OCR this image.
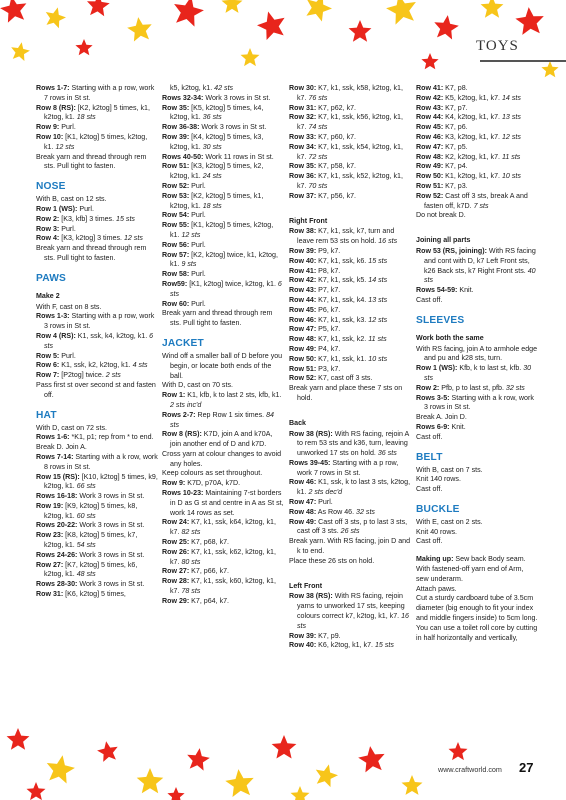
TOYS
Rows 1-7: Starting with a p row, work 7 rows in St st.
Row 8 (RS): [K2, k2tog] 5 times, k1, k2tog, k1. 18 sts
Row 9: Purl.
Row 10: [K1, k2tog] 5 times, k2tog, k1. 12 sts
Break yarn and thread through rem sts. Pull tight to fasten.
NOSE
With B, cast on 12 sts.
Row 1 (WS): Purl.
Row 2: [K3, kfb] 3 times. 15 sts
Row 3: Purl.
Row 4: [K3, k2tog] 3 times. 12 sts
Break yarn and thread through rem sts. Pull tight to fasten.
PAWS
Make 2
With F, cast on 8 sts.
Rows 1-3: Starting with a p row, work 3 rows in St st.
Row 4 (RS): K1, ssk, k4, k2tog, k1. 6 sts
Row 5: Purl.
Row 6: K1, ssk, k2, k2tog, k1. 4 sts
Row 7: [P2tog] twice. 2 sts
Pass first st over second st and fasten off.
HAT
With D, cast on 72 sts.
Rows 1-6: *K1, p1; rep from * to end.
Break D. Join A.
Rows 7-14: Starting with a k row, work 8 rows in St st.
Row 15 (RS): [K10, k2tog] 5 times, k9, k2tog, k1. 66 sts
Rows 16-18: Work 3 rows in St st.
Row 19: [K9, k2tog] 5 times, k8, k2tog, k1. 60 sts
Rows 20-22: Work 3 rows in St st.
Row 23: [K8, k2tog] 5 times, k7, k2tog, k1. 54 sts
Rows 24-26: Work 3 rows in St st.
Row 27: [K7, k2tog] 5 times, k6, k2tog, k1. 48 sts
Rows 28-30: Work 3 rows in St st.
Row 31: [K6, k2tog] 5 times,
k5, k2tog, k1. 42 sts
Rows 32-34: Work 3 rows in St st.
Row 35: [K5, k2tog] 5 times, k4, k2tog, k1. 36 sts
Row 36-38: Work 3 rows in St st.
Row 39: [K4, k2tog] 5 times, k3, k2tog, k1. 30 sts
Rows 40-50: Work 11 rows in St st.
Row 51: [K3, k2tog] 5 times, k2, k2tog, k1. 24 sts
Row 52: Purl.
Row 53: [K2, k2tog] 5 times, k1, k2tog, k1. 18 sts
Row 54: Purl.
Row 55: [K1, k2tog] 5 times, k2tog, k1. 12 sts
Row 56: Purl.
Row 57: [K2, k2tog] twice, k1, k2tog, k1. 9 sts
Row 58: Purl.
Row59: [K1, k2tog] twice, k2tog, k1. 6 sts
Row 60: Purl.
Break yarn and thread through rem sts. Pull tight to fasten.
JACKET
Wind off a smaller ball of D before you begin, or locate both ends of the ball.
With D, cast on 70 sts.
Row 1: K1, kfb, k to last 2 sts, kfb, k1. 2 sts inc'd
Rows 2-7: Rep Row 1 six times. 84 sts
Row 8 (RS): K7D, join A and k70A, join another end of D and k7D.
Cross yarn at colour changes to avoid any holes.
Keep colours as set throughout.
Row 9: K7D, p70A, k7D.
Rows 10-23: Maintaining 7-st borders in D as G st and centre in A as St st, work 14 rows as set.
Row 24: K7, k1, ssk, k64, k2tog, k1, k7. 82 sts
Row 25: K7, p68, k7.
Row 26: K7, k1, ssk, k62, k2tog, k1, k7. 80 sts
Row 27: K7, p66, k7.
Row 28: K7, k1, ssk, k60, k2tog, k1, k7. 78 sts
Row 29: K7, p64, k7.
Row 30: K7, k1, ssk, k58, k2tog, k1, k7. 76 sts
Row 31: K7, p62, k7.
Row 32: K7, k1, ssk, k56, k2tog, k1, k7. 74 sts
Row 33: K7, p60, k7.
Row 34: K7, k1, ssk, k54, k2tog, k1, k7. 72 sts
Row 35: K7, p58, k7.
Row 36: K7, k1, ssk, k52, k2tog, k1, k7. 70 sts
Row 37: K7, p56, k7.
Right Front
Row 38: K7, k1, ssk, k7, turn and leave rem 53 sts on hold. 16 sts
Row 39: P9, k7.
Row 40: K7, k1, ssk, k6. 15 sts
Row 41: P8, k7.
Row 42: K7, k1, ssk, k5. 14 sts
Row 43: P7, k7.
Row 44: K7, k1, ssk, k4. 13 sts
Row 45: P6, k7.
Row 46: K7, k1, ssk, k3. 12 sts
Row 47: P5, k7.
Row 48: K7, k1, ssk, k2. 11 sts
Row 49: P4, k7.
Row 50: K7, k1, ssk, k1. 10 sts
Row 51: P3, k7.
Row 52: K7, cast off 3 sts.
Break yarn and place these 7 sts on hold.
Back
Row 38 (RS): With RS facing, rejoin A to rem 53 sts and k36, turn, leaving unworked 17 sts on hold. 36 sts
Rows 39-45: Starting with a p row, work 7 rows in St st.
Row 46: K1, ssk, k to last 3 sts, k2tog, k1. 2 sts dec'd
Row 47: Purl.
Row 48: As Row 46. 32 sts
Row 49: Cast off 3 sts, p to last 3 sts, cast off 3 sts. 26 sts
Break yarn. With RS facing, join D and k to end.
Place these 26 sts on hold.
Left Front
Row 38 (RS): With RS facing, rejoin yarns to unworked 17 sts, keeping colours correct k7, k2tog, k1, k7. 16 sts
Row 39: K7, p9.
Row 40: K6, k2tog, k1, k7. 15 sts
Row 41: K7, p8.
Row 42: K5, k2tog, k1, k7. 14 sts
Row 43: K7, p7.
Row 44: K4, k2tog, k1, k7. 13 sts
Row 45: K7, p6.
Row 46: K3, k2tog, k1, k7. 12 sts
Row 47: K7, p5.
Row 48: K2, k2tog, k1, k7. 11 sts
Row 49: K7, p4.
Row 50: K1, k2tog, k1, k7. 10 sts
Row 51: K7, p3.
Row 52: Cast off 3 sts, break A and fasten off, k7D. 7 sts
Do not break D.
Joining all parts
Row 53 (RS, joining): With RS facing and cont with D, k7 Left Front sts, k26 Back sts, k7 Right Front sts. 40 sts
Rows 54-59: Knit.
Cast off.
SLEEVES
Work both the same
With RS facing, join A to armhole edge and pu and k28 sts, turn.
Row 1 (WS): Kfb, k to last st, kfb. 30 sts
Row 2: Pfb, p to last st, pfb. 32 sts
Rows 3-5: Starting with a k row, work 3 rows in St st.
Break A. Join D.
Rows 6-9: Knit.
Cast off.
BELT
With B, cast on 7 sts.
Knit 140 rows.
Cast off.
BUCKLE
With E, cast on 2 sts.
Knit 40 rows.
Cast off.
Making up: Sew back Body seam. With fastened-off yarn end of Arm, sew underarm.
Attach paws.
Cut a sturdy cardboard tube of 3.5cm diameter (big enough to fit your index and middle fingers inside) to 5cm long. You can use a toilet roll core by cutting in half horizontally and vertically,
www.craftworld.com 27
PassionForum.ru
